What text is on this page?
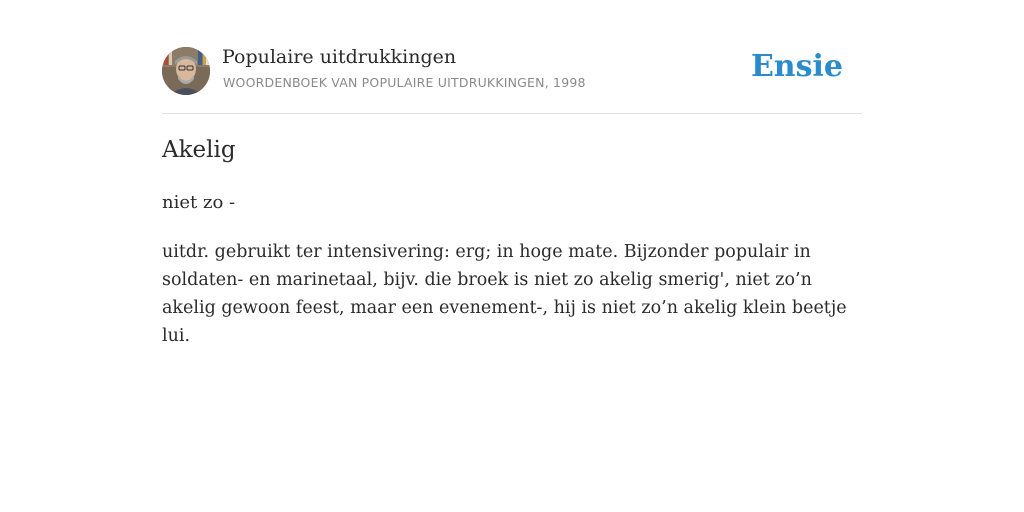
Populaire uitdrukkingen
WOORDENBOEK VAN POPULAIRE UITDRUKKINGEN, 1998	Ensie
Akelig
niet zo -
uitdr. gebruikt ter intensivering: erg; in hoge mate. Bijzonder populair in soldaten- en marinetaal, bijv. die broek is niet zo akelig smerig', niet zo’n akelig gewoon feest, maar een evenement-, hij is niet zo’n akelig klein beetje lui.
